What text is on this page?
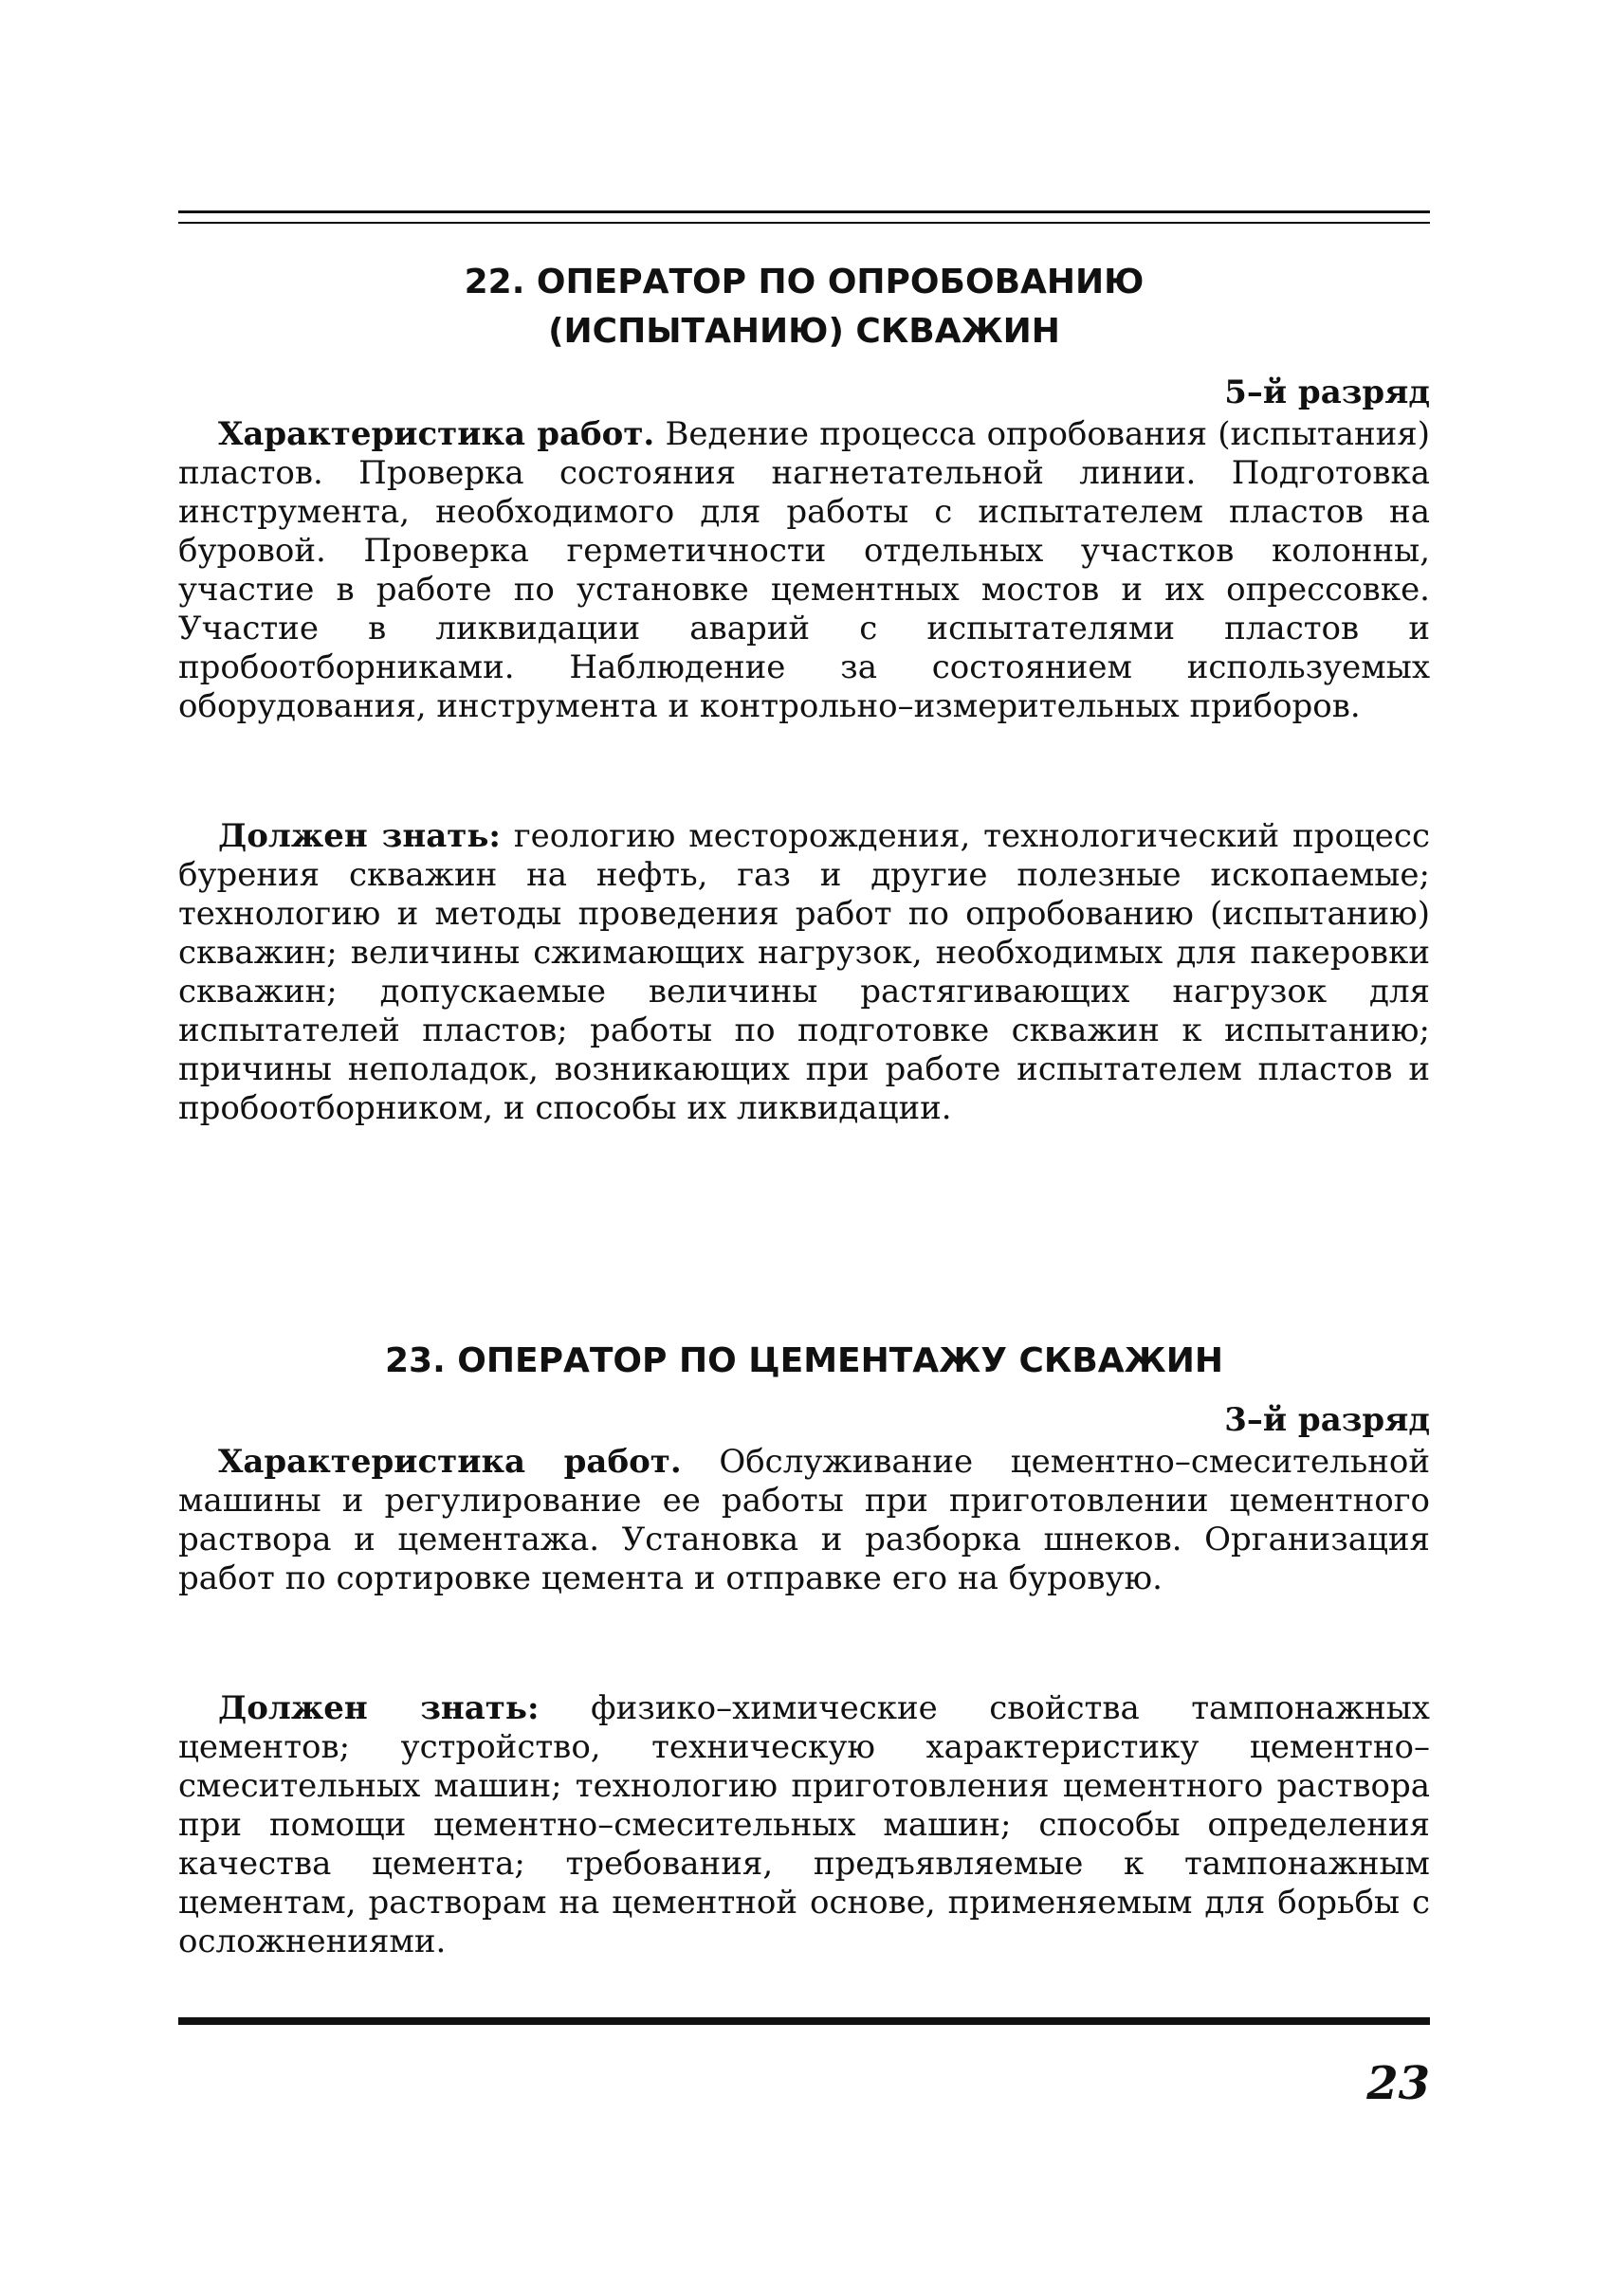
22. ОПЕРАТОР ПО ОПРОБОВАНИЮ
(ИСПЫТАНИЮ) СКВАЖИН
5–й разряд

Характеристика работ. Ведение процесса опробования (испытания) пластов. Проверка состояния нагнетательной линии. Подготовка инструмента, необходимого для работы с испытателем пластов на буровой. Проверка герметичности отдельных участков колонны, участие в работе по установке цементных мостов и их опрессовке. Участие в ликвидации аварий с испытателями пластов и пробоотборниками. Наблюдение за состоянием используемых оборудования, инструмента и контрольно–измерительных приборов.

Должен знать: геологию месторождения, технологический процесс бурения скважин на нефть, газ и другие полезные ископаемые; технологию и методы проведения работ по опробованию (испытанию) скважин; величины сжимающих нагрузок, необходимых для пакеровки скважин; допускаемые величины растягивающих нагрузок для испытателей пластов; работы по подготовке скважин к испытанию; причины неполадок, возникающих при работе испытателем пластов и пробоотборником, и способы их ликвидации.

23. ОПЕРАТОР ПО ЦЕМЕНТАЖУ СКВАЖИН
3–й разряд

Характеристика работ. Обслуживание цементно–смесительной машины и регулирование ее работы при приготовлении цементного раствора и цементажа. Установка и разборка шнеков. Организация работ по сортировке цемента и отправке его на буровую.

Должен знать: физико–химические свойства тампонажных цементов; устройство, техническую характеристику цементно–смесительных машин; технологию приготовления цементного раствора при помощи цементно–смесительных машин; способы определения качества цемента; требования, предъявляемые к тампонажным цементам, растворам на цементной основе, применяемым для борьбы с осложнениями.

23
